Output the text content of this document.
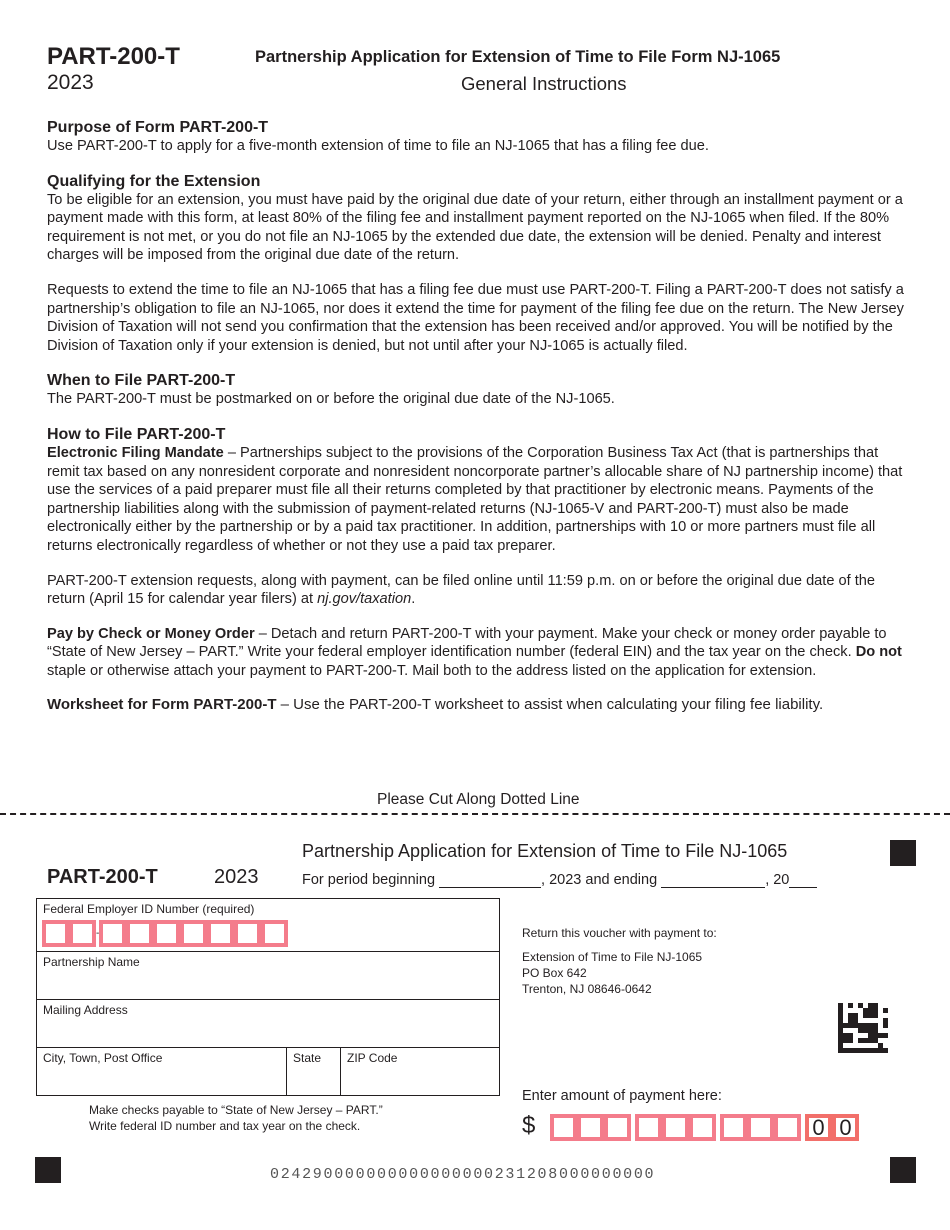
PART-200-T
2023
Partnership Application for Extension of Time to File Form NJ-1065
General Instructions
Purpose of Form PART-200-T

Use PART-200-T to apply for a five-month extension of time to file an NJ-1065 that has a filing fee due.

Qualifying for the Extension

To be eligible for an extension, you must have paid by the original due date of your return, either through an installment payment or a payment made with this form, at least 80% of the filing fee and installment payment reported on the NJ-1065 when filed. If the 80% requirement is not met, or you do not file an NJ-1065 by the extended due date, the extension will be denied. Penalty and interest charges will be imposed from the original due date of the return.

Requests to extend the time to file an NJ-1065 that has a filing fee due must use PART-200-T. Filing a PART-200-T does not satisfy a partnership’s obligation to file an NJ-1065, nor does it extend the time for payment of the filing fee due on the return. The New Jersey Division of Taxation will not send you confirmation that the extension has been received and/or approved. You will be notified by the Division of Taxation only if your extension is denied, but not until after your NJ-1065 is actually filed.

When to File PART-200-T

The PART-200-T must be postmarked on or before the original due date of the NJ-1065.

How to File PART-200-T

Electronic Filing Mandate – Partnerships subject to the provisions of the Corporation Business Tax Act (that is partnerships that remit tax based on any nonresident corporate and nonresident noncorporate partner’s allocable share of NJ partnership income) that use the services of a paid preparer must file all their returns completed by that practitioner by electronic means. Payments of the partnership liabilities along with the submission of payment-related returns (NJ-1065-V and PART-200-T) must also be made electronically either by the partnership or by a paid tax practitioner. In addition, partnerships with 10 or more partners must file all returns electronically regardless of whether or not they use a paid tax preparer.

PART-200-T extension requests, along with payment, can be filed online until 11:59 p.m. on or before the original due date of the return (April 15 for calendar year filers) at nj.gov/taxation.

Pay by Check or Money Order – Detach and return PART-200-T with your payment. Make your check or money order payable to “State of New Jersey – PART.” Write your federal employer identification number (federal EIN) and the tax year on the check. Do not staple or otherwise attach your payment to PART-200-T. Mail both to the address listed on the application for extension.

Worksheet for Form PART-200-T – Use the PART-200-T worksheet to assist when calculating your filing fee liability.

Please Cut Along Dotted Line
Partnership Application for Extension of Time to File NJ-1065
PART-200-T	2023	For period beginning	, 2023 and ending	, 20
Federal Employer ID Number (required)
-
Partnership Name
Mailing Address
City, Town, Post Office	State ZIP Code
Make checks payable to “State of New Jersey – PART.”
Write federal ID number and tax year on the check.
Return this voucher with payment to:
Extension of Time to File NJ-1065
PO Box 642
Trenton, NJ 08646-0642
Enter amount of payment here:
$	0 0
024290000000000000000231208000000000
